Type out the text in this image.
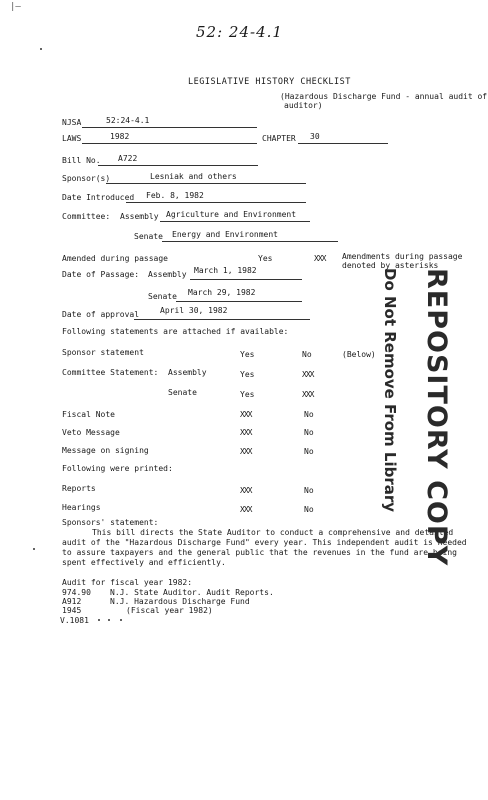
|–
52: 24-4.1
LEGISLATIVE HISTORY CHECKLIST
(Hazardous Discharge Fund - annual audit of
auditor)
NJSA	52:24-4.1
LAWS	1982	CHAPTER 30
Bill No. A722
Sponsor(s)	Lesniak and others
Date Introduced Feb. 8, 1982
Committee: Assembly Agriculture and Environment
Senate Energy and Environment
Amended during passage	Yes	XXX Amendments during passage
denoted by asterisks
Date of Passage: Assembly March 1, 1982
Senate March 29, 1982
Date of approval	April 30, 1982
Following statements are attached if available:
Sponsor statement	Yes	No	(Below)
Committee Statement: Assembly	Yes	XXX
Senate	Yes	XXX
Fiscal Note	XXX	No
Veto Message	XXX	No
Message on signing	XXX	No
Following were printed:
Reports	XXX	No
Hearings	XXX	No
Sponsors' statement:
This bill directs the State Auditor to conduct a comprehensive and detailed
audit of the "Hazardous Discharge Fund" every year. This independent audit is needed
to assure taxpayers and the general public that the revenues in the fund are being
spent effectively and efficiently.
Audit for fiscal year 1982:
974.90 N.J. State Auditor. Audit Reports.
A912	N.J. Hazardous Discharge Fund
1945	(Fiscal year 1982)
V.1081
Do Not Remove From Library REPOSITORY COPY
